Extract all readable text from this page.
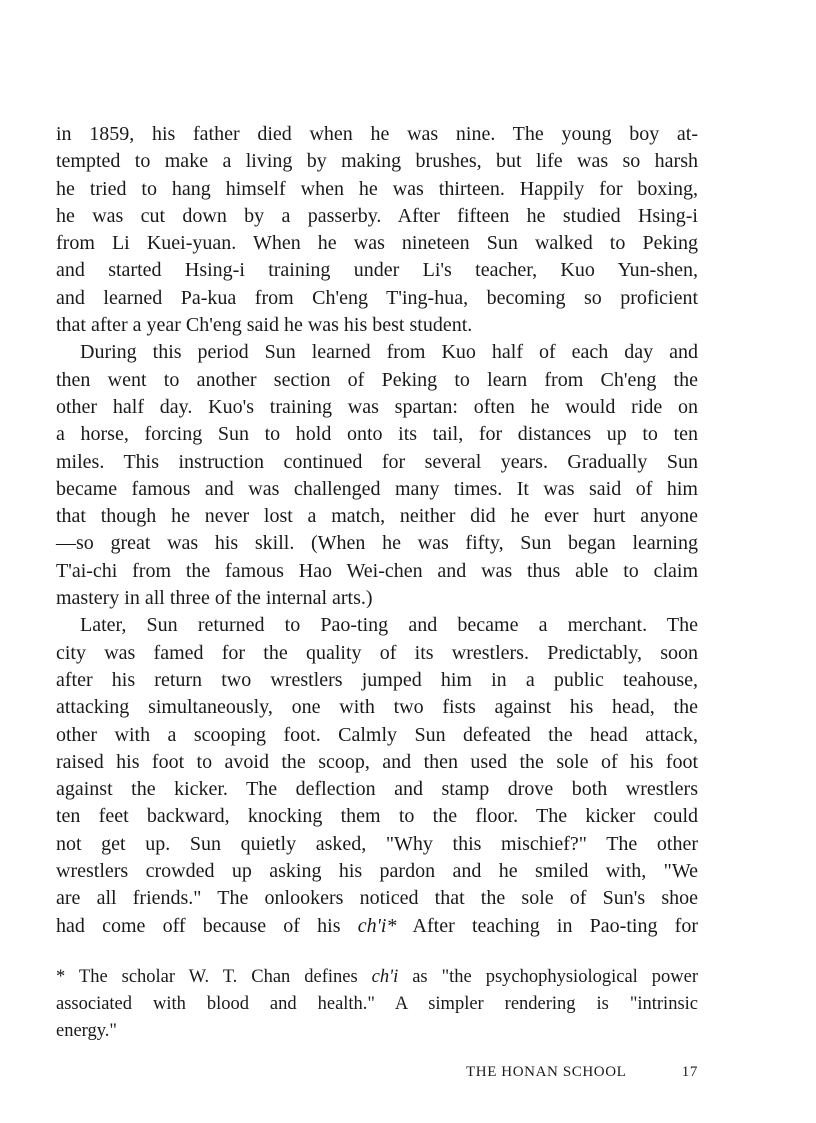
in 1859, his father died when he was nine. The young boy at-
tempted to make a living by making brushes, but life was so harsh
he tried to hang himself when he was thirteen. Happily for boxing,
he was cut down by a passerby. After fifteen he studied Hsing-i
from Li Kuei-yuan. When he was nineteen Sun walked to Peking
and started Hsing-i training under Li's teacher, Kuo Yun-shen,
and learned Pa-kua from Ch'eng T'ing-hua, becoming so proficient
that after a year Ch'eng said he was his best student.
During this period Sun learned from Kuo half of each day and
then went to another section of Peking to learn from Ch'eng the
other half day. Kuo's training was spartan: often he would ride on
a horse, forcing Sun to hold onto its tail, for distances up to ten
miles. This instruction continued for several years. Gradually Sun
became famous and was challenged many times. It was said of him
that though he never lost a match, neither did he ever hurt anyone
—so great was his skill. (When he was fifty, Sun began learning
T'ai-chi from the famous Hao Wei-chen and was thus able to claim
mastery in all three of the internal arts.)
Later, Sun returned to Pao-ting and became a merchant. The
city was famed for the quality of its wrestlers. Predictably, soon
after his return two wrestlers jumped him in a public teahouse,
attacking simultaneously, one with two fists against his head, the
other with a scooping foot. Calmly Sun defeated the head attack,
raised his foot to avoid the scoop, and then used the sole of his foot
against the kicker. The deflection and stamp drove both wrestlers
ten feet backward, knocking them to the floor. The kicker could
not get up. Sun quietly asked, "Why this mischief?" The other
wrestlers crowded up asking his pardon and he smiled with, "We
are all friends." The onlookers noticed that the sole of Sun's shoe
had come off because of his ch'i* After teaching in Pao-ting for
* The scholar W. T. Chan defines ch'i as "the psychophysiological power
associated with blood and health." A simpler rendering is "intrinsic
energy."
THE HONAN SCHOOL	17
